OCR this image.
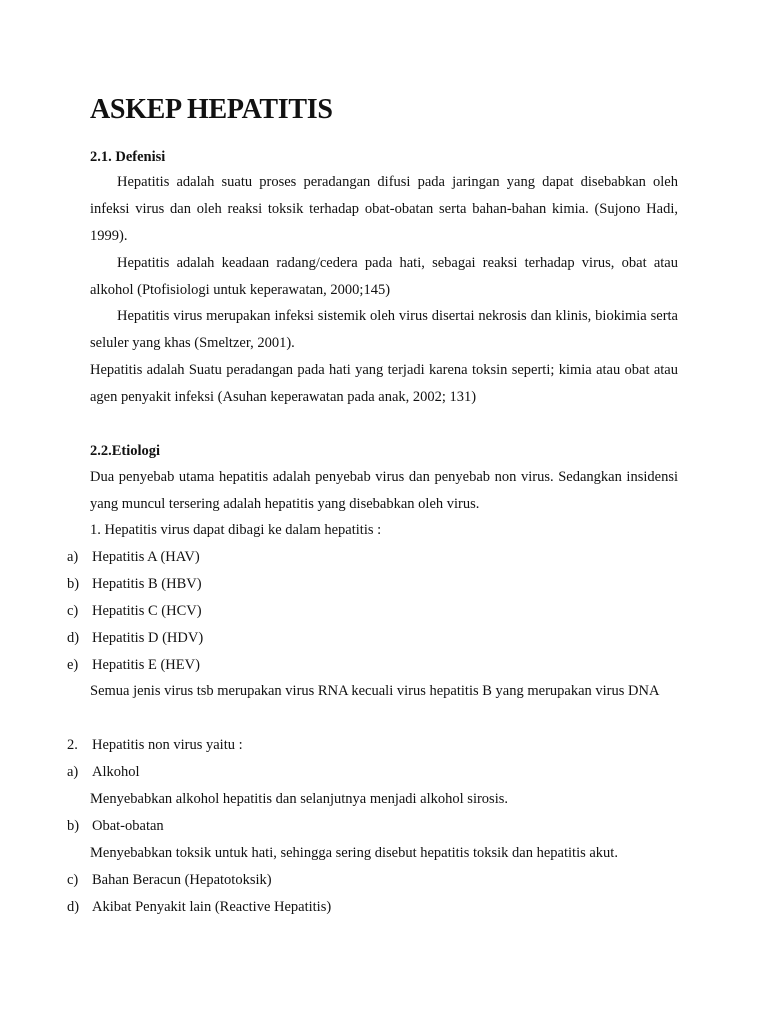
ASKEP HEPATITIS
2.1. Defenisi

Hepatitis adalah suatu proses peradangan difusi pada jaringan yang dapat disebabkan oleh infeksi virus dan oleh reaksi toksik terhadap obat-obatan serta bahan-bahan kimia. (Sujono Hadi, 1999).

Hepatitis adalah keadaan radang/cedera pada hati, sebagai reaksi terhadap virus, obat atau alkohol (Ptofisiologi untuk keperawatan, 2000;145)

Hepatitis virus merupakan infeksi sistemik oleh virus disertai nekrosis dan klinis, biokimia serta seluler yang khas (Smeltzer, 2001).

Hepatitis adalah Suatu peradangan pada hati yang terjadi karena toksin seperti; kimia atau obat atau agen penyakit infeksi (Asuhan keperawatan pada anak, 2002; 131)

2.2.Etiologi

Dua penyebab utama hepatitis adalah penyebab virus dan penyebab non virus. Sedangkan insidensi yang muncul tersering adalah hepatitis yang disebabkan oleh virus.

1. Hepatitis virus dapat dibagi ke dalam hepatitis :
a) Hepatitis A (HAV)
b) Hepatitis B (HBV)
c) Hepatitis C (HCV)
d) Hepatitis D (HDV)
e) Hepatitis E (HEV)

Semua jenis virus tsb merupakan virus RNA kecuali virus hepatitis B yang merupakan virus DNA

2. Hepatitis non virus yaitu :
a) Alkohol
Menyebabkan alkohol hepatitis dan selanjutnya menjadi alkohol sirosis.
b) Obat-obatan
Menyebabkan toksik untuk hati, sehingga sering disebut hepatitis toksik dan hepatitis akut.
c) Bahan Beracun (Hepatotoksik)
d) Akibat Penyakit lain (Reactive Hepatitis)
